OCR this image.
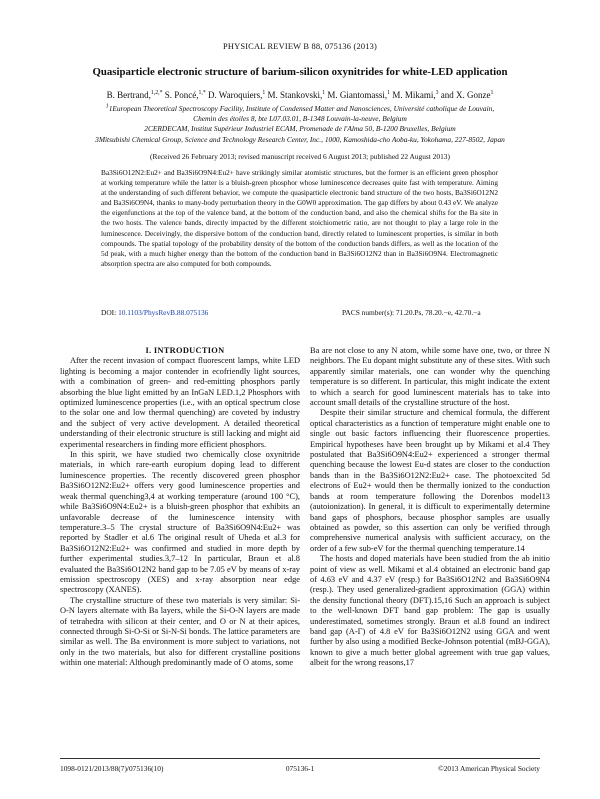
PHYSICAL REVIEW B 88, 075136 (2013)
Quasiparticle electronic structure of barium-silicon oxynitrides for white-LED application
B. Bertrand,$^{1,2,*}$ S. Poncé,$^{1,*}$ D. Waroquiers,$^1$ M. Stankovski,$^1$ M. Giantomassi,$^1$ M. Mikami,$^3$ and X. Gonze$^1$
$^1$1European Theoretical Spectroscopy Facility, Institute of Condensed Matter and Nanosciences, Université catholique de Louvain,
Chemin des étoiles 8, bte L07.03.01, B-1348 Louvain-la-neuve, Belgium
2CERDECAM, Institut Supérieur Industriel ECAM, Promenade de l'Alma 50, B-1200 Bruxelles, Belgium
3Mitsubishi Chemical Group, Science and Technology Research Center, Inc., 1000, Kamoshida-cho Aoba-ku, Yokohama, 227-8502, Japan
(Received 26 February 2013; revised manuscript received 6 August 2013; published 22 August 2013)
Ba3Si6O12N2:Eu2+ and Ba3Si6O9N4:Eu2+ have strikingly similar atomistic structures, but the former is an efficient green phosphor at working temperature while the latter is a bluish-green phosphor whose luminescence decreases quite fast with temperature. Aiming at the understanding of such different behavior, we compute the quasiparticle electronic band structure of the two hosts, Ba3Si6O12N2 and Ba3Si6O9N4, thanks to many-body perturbation theory in the G0W0 approximation. The gap differs by about 0.43 eV. We analyze the eigenfunctions at the top of the valence band, at the bottom of the conduction band, and also the chemical shifts for the Ba site in the two hosts. The valence bands, directly impacted by the different stoichiometric ratio, are not thought to play a large role in the luminescence. Deceivingly, the dispersive bottom of the conduction band, directly related to luminescent properties, is similar in both compounds. The spatial topology of the probability density of the bottom of the conduction bands differs, as well as the location of the 5d peak, with a much higher energy than the bottom of the conduction band in Ba3Si6O12N2 than in Ba3Si6O9N4. Electromagnetic absorption spectra are also computed for both compounds.
DOI: 10.1103/PhysRevB.88.075136	PACS number(s): 71.20.Ps, 78.20.−e, 42.70.−a

I. INTRODUCTION

After the recent invasion of compact fluorescent lamps, white LED lighting is becoming a major contender in ecofriendly light sources, with a combination of green- and red-emitting phosphors partly absorbing the blue light emitted by an InGaN LED.1,2 Phosphors with optimized luminescence properties (i.e., with an optical spectrum close to the solar one and low thermal quenching) are coveted by industry and the subject of very active development. A detailed theoretical understanding of their electronic structure is still lacking and might aid experimental researchers in finding more efficient phosphors.

In this spirit, we have studied two chemically close oxynitride materials, in which rare-earth europium doping lead to different luminescence properties. The recently discovered green phosphor Ba3Si6O12N2:Eu2+ offers very good luminescence properties and weak thermal quenching3,4 at working temperature (around 100 °C), while Ba3Si6O9N4:Eu2+ is a bluish-green phosphor that exhibits an unfavorable decrease of the luminescence intensity with temperature.3–5 The crystal structure of Ba3Si6O9N4:Eu2+ was reported by Stadler et al.6 The original result of Uheda et al.3 for Ba3Si6O12N2:Eu2+ was confirmed and studied in more depth by further experimental studies.3,7–12 In particular, Braun et al.8 evaluated the Ba3Si6O12N2 band gap to be 7.05 eV by means of x-ray emission spectroscopy (XES) and x-ray absorption near edge spectroscopy (XANES).

The crystalline structure of these two materials is very similar: Si-O-N layers alternate with Ba layers, while the Si-O-N layers are made of tetrahedra with silicon at their center, and O or N at their apices, connected through Si-O-Si or Si-N-Si bonds. The lattice parameters are similar as well. The Ba environment is more subject to variations, not only in the two materials, but also for different crystalline positions within one material: Although predominantly made of O atoms, some

Ba are not close to any N atom, while some have one, two, or three N neighbors. The Eu dopant might substitute any of these sites. With such apparently similar materials, one can wonder why the quenching temperature is so different. In particular, this might indicate the extent to which a search for good luminescent materials has to take into account small details of the crystalline structure of the host.

Despite their similar structure and chemical formula, the different optical characteristics as a function of temperature might enable one to single out basic factors influencing their fluorescence properties. Empirical hypotheses have been brought up by Mikami et al.4 They postulated that Ba3Si6O9N4:Eu2+ experienced a stronger thermal quenching because the lowest Eu-d states are closer to the conduction bands than in the Ba3Si6O12N2:Eu2+ case. The photoexcited 5d electrons of Eu2+ would then be thermally ionized to the conduction bands at room temperature following the Dorenbos model13 (autoionization). In general, it is difficult to experimentally determine band gaps of phosphors, because phosphor samples are usually obtained as powder, so this assertion can only be verified through comprehensive numerical analysis with sufficient accuracy, on the order of a few sub-eV for the thermal quenching temperature.14

The hosts and doped materials have been studied from the ab initio point of view as well. Mikami et al.4 obtained an electronic band gap of 4.63 eV and 4.37 eV (resp.) for Ba3Si6O12N2 and Ba3Si6O9N4 (resp.). They used generalized-gradient approximation (GGA) within the density functional theory (DFT).15,16 Such an approach is subject to the well-known DFT band gap problem: The gap is usually underestimated, sometimes strongly. Braun et al.8 found an indirect band gap (A-Γ) of 4.8 eV for Ba3Si6O12N2 using GGA and went further by also using a modified Becke-Johnson potential (mBJ-GGA), known to give a much better global agreement with true gap values, albeit for the wrong reasons,17

1098-0121/2013/88(7)/075136(10)	075136-1	©2013 American Physical Society
